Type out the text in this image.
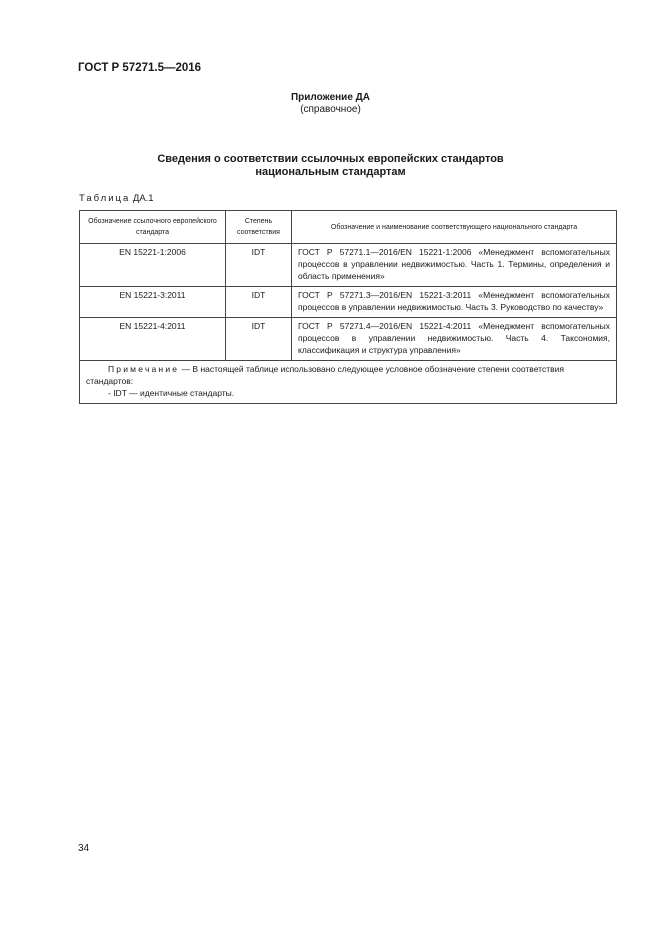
ГОСТ Р 57271.5—2016
Приложение ДА
(справочное)
Сведения о соответствии ссылочных европейских стандартов
национальным стандартам
Таблица ДА.1
Обозначение ссылочного европейского стандарта	Степень соответствия	Обозначение и наименование соответствующего национального стандарта
EN 15221-1:2006	IDT	ГОСТ Р 57271.1—2016/EN 15221-1:2006 «Менеджмент вспомогательных процессов в управлении недвижимостью. Часть 1. Термины, определения и область применения»
EN 15221-3:2011	IDT	ГОСТ Р 57271.3—2016/EN 15221-3:2011 «Менеджмент вспомогательных процессов в управлении недвижимостью. Часть 3. Руководство по качеству»
EN 15221-4:2011	IDT	ГОСТ Р 57271.4—2016/EN 15221-4:2011 «Менеджмент вспомогательных процессов в управлении недвижимостью. Часть 4. Таксономия, классификация и структура управления»

Примечание — В настоящей таблице использовано следующее условное обозначение степени соответствия стандартов:
- IDT — идентичные стандарты.		
34
